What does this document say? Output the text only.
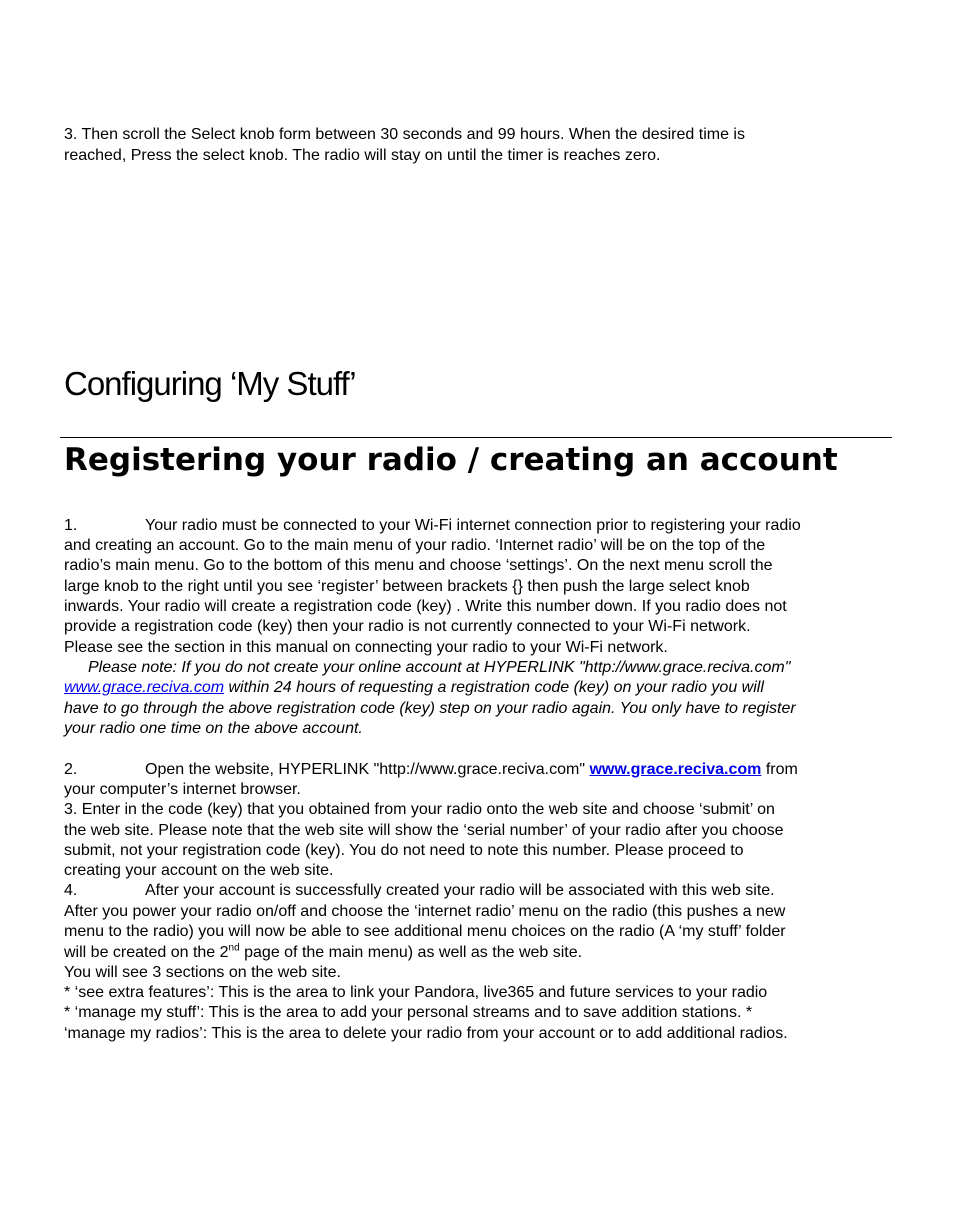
3. Then scroll the Select knob form between 30 seconds and 99 hours. When the desired time is
reached, Press the select knob. The radio will stay on until the timer is reaches zero.
Configuring ‘My Stuff’
Registering your radio / creating an account
1.	Your radio must be connected to your Wi-Fi internet connection prior to registering your radio
and creating an account. Go to the main menu of your radio. ‘Internet radio’ will be on the top of the
radio’s main menu. Go to the bottom of this menu and choose ‘settings’. On the next menu scroll the
large knob to the right until you see ‘register’ between brackets {} then push the large select knob
inwards. Your radio will create a registration code (key) . Write this number down. If you radio does not
provide a registration code (key) then your radio is not currently connected to your Wi-Fi network.
Please see the section in this manual on connecting your radio to your Wi-Fi network.
Please note: If you do not create your online account at HYPERLINK "http://www.grace.reciva.com"
www.grace.reciva.com within 24 hours of requesting a registration code (key) on your radio you will
have to go through the above registration code (key) step on your radio again. You only have to register
your radio one time on the above account.
2.	Open the website, HYPERLINK "http://www.grace.reciva.com" www.grace.reciva.com from
your computer’s internet browser.
3. Enter in the code (key) that you obtained from your radio onto the web site and choose ‘submit’ on
the web site. Please note that the web site will show the ‘serial number’ of your radio after you choose
submit, not your registration code (key). You do not need to note this number. Please proceed to
creating your account on the web site.
4.	After your account is successfully created your radio will be associated with this web site.
After you power your radio on/off and choose the ‘internet radio’ menu on the radio (this pushes a new
menu to the radio) you will now be able to see additional menu choices on the radio (A ‘my stuff’ folder
will be created on the 2nd page of the main menu) as well as the web site.
You will see 3 sections on the web site.
* ‘see extra features’: This is the area to link your Pandora, live365 and future services to your radio
* ‘manage my stuff’: This is the area to add your personal streams and to save addition stations. *
‘manage my radios’: This is the area to delete your radio from your account or to add additional radios.
